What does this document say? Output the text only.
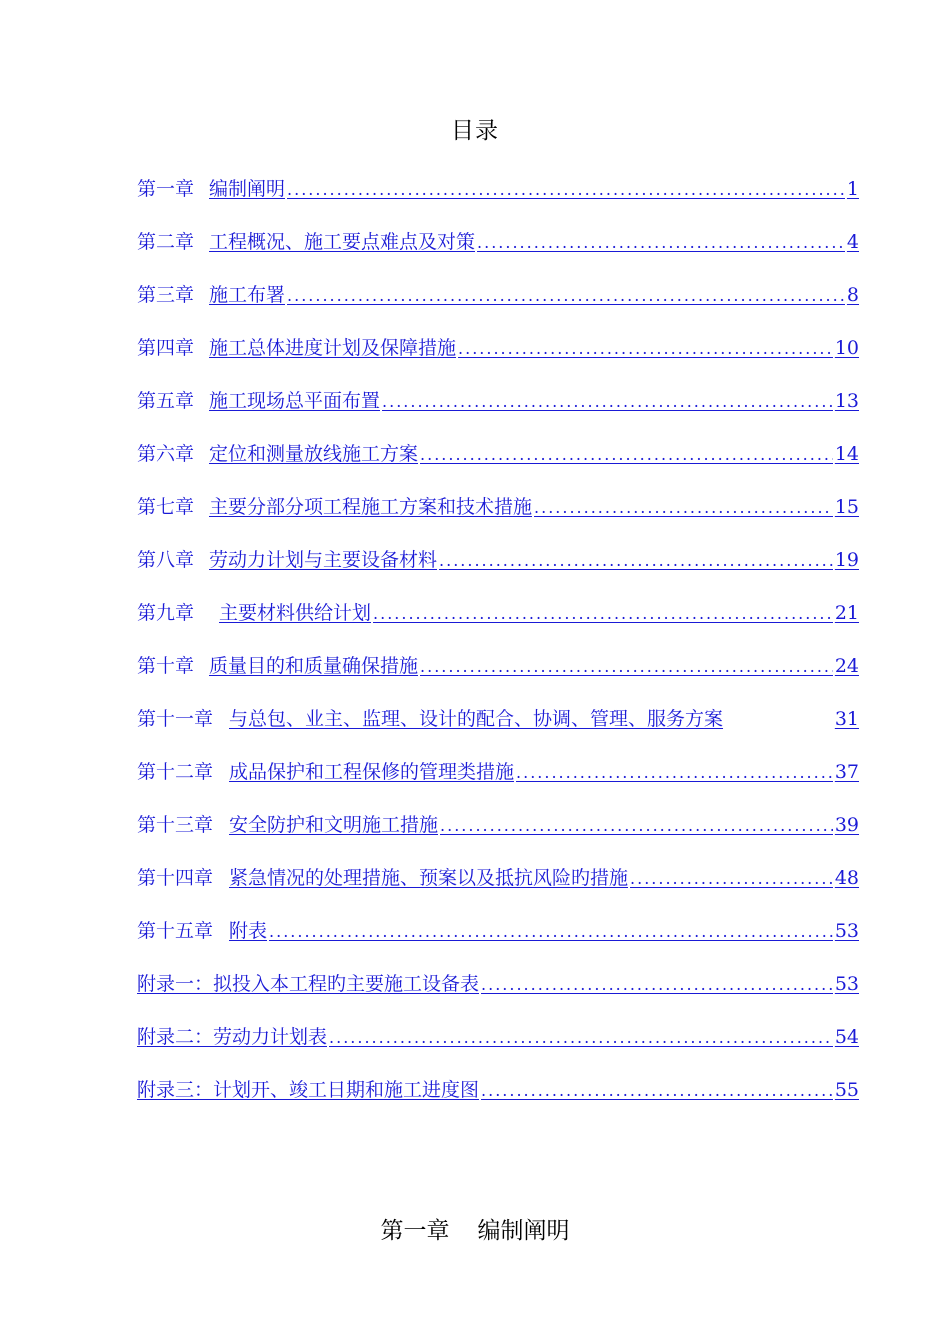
目录
第一章 编制阐明 .....	1
第二章 工程概况、施工要点难点及对策 .....	4
第三章 施工布署 .....	8
第四章 施工总体进度计划及保障措施 .....	10
第五章 施工现场总平面布置 .....	13
第六章 定位和测量放线施工方案 .....	14
第七章 主要分部分项工程施工方案和技术措施 .....	15
第八章 劳动力计划与主要设备材料 .....	19
第九章 主要材料供给计划 .....	21
第十章 质量目的和质量确保措施 .....	24
第十一章 与总包、业主、监理、设计的配合、协调、管理、服务方案	31
第十二章 成品保护和工程保修的管理类措施 .....	37
第十三章 安全防护和文明施工措施 .....	39
第十四章 紧急情况的处理措施、预案以及抵抗风险旳措施 .....	48
第十五章 附表 .....	53
附录一：拟投入本工程旳主要施工设备表 .....	53
附录二：劳动力计划表 .....	54
附录三：计划开、竣工日期和施工进度图 .....	55
第一章 编制阐明
